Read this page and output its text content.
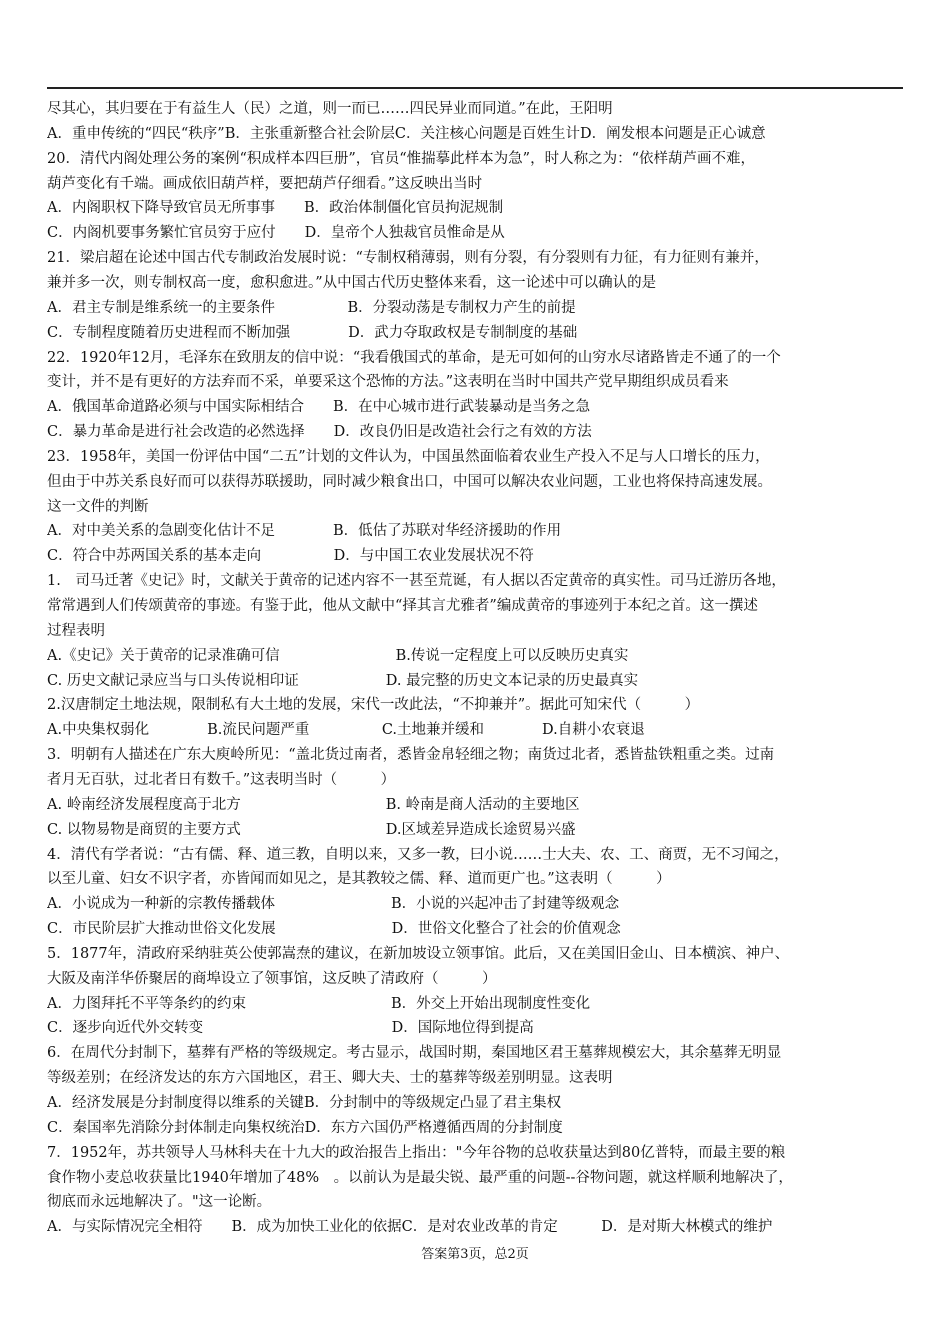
尽其心，其归要在于有益生人（民）之道，则一而已……四民异业而同道。”在此，王阳明
A．重申传统的“四民“秩序”B．主张重新整合社会阶层C．关注核心问题是百姓生计D．阐发根本问题是正心诚意
20．清代内阁处理公务的案例“积成样本四巨册”，官员“惟揣摹此样本为急”，时人称之为：“依样葫芦画不难，
葫芦变化有千端。画成依旧葫芦样，要把葫芦仔细看。”这反映出当时
A．内阁职权下降导致官员无所事事　　B．政治体制僵化官员拘泥规制
C．内阁机要事务繁忙官员穷于应付　　D．皇帝个人独裁官员惟命是从
21．梁启超在论述中国古代专制政治发展时说：“专制权稍薄弱，则有分裂，有分裂则有力征，有力征则有兼并，
兼并多一次，则专制权高一度，愈积愈进。”从中国古代历史整体来看，这一论述中可以确认的是
A．君主专制是维系统一的主要条件　　　　　B．分裂动荡是专制权力产生的前提
C．专制程度随着历史进程而不断加强　　　　D．武力夺取政权是专制制度的基础
22．1920年12月，毛泽东在致朋友的信中说：“我看俄国式的革命，是无可如何的山穷水尽诸路皆走不通了的一个
变计，并不是有更好的方法弃而不采，单要采这个恐怖的方法。”这表明在当时中国共产党早期组织成员看来
A．俄国革命道路必须与中国实际相结合　　B．在中心城市进行武装暴动是当务之急
C．暴力革命是进行社会改造的必然选择　　D．改良仍旧是改造社会行之有效的方法
23．1958年，美国一份评估中国“二五”计划的文件认为，中国虽然面临着农业生产投入不足与人口增长的压力，
但由于中苏关系良好而可以获得苏联援助，同时减少粮食出口，中国可以解决农业问题，工业也将保持高速发展。
这一文件的判断
A．对中美关系的急剧变化估计不足　　　　B．低估了苏联对华经济援助的作用
C．符合中苏两国关系的基本走向　　　　　D．与中国工农业发展状况不符
1.　司马迁著《史记》时，文献关于黄帝的记述内容不一甚至荒诞，有人据以否定黄帝的真实性。司马迁游历各地，
常常遇到人们传颂黄帝的事迹。有鉴于此，他从文献中“择其言尤雅者”编成黄帝的事迹列于本纪之首。这一撰述
过程表明
A.《史记》关于黄帝的记录准确可信　　　　　　　　B.传说一定程度上可以反映历史真实
C. 历史文献记录应当与口头传说相印证　　　　　　D. 最完整的历史文本记录的历史最真实
2.汉唐制定土地法规，限制私有大土地的发展，宋代一改此法，“不抑兼并”。据此可知宋代（　　　）
A.中央集权弱化　　　　B.流民问题严重　　　　　C.土地兼并缓和　　　　D.自耕小农衰退
3．明朝有人描述在广东大庾岭所见：“盖北货过南者，悉皆金帛轻细之物；南货过北者，悉皆盐铁粗重之类。过南
者月无百驮，过北者日有数千。”这表明当时（　　　）
A. 岭南经济发展程度高于北方　　　　　　　　　　B. 岭南是商人活动的主要地区
C. 以物易物是商贸的主要方式　　　　　　　　　　D.区域差异造成长途贸易兴盛
4．清代有学者说：“古有儒、释、道三教，自明以来，又多一教，曰小说……士大夫、农、工、商贾，无不习闻之，
以至儿童、妇女不识字者，亦皆闻而如见之，是其教较之儒、释、道而更广也。”这表明（　　　）
A．小说成为一种新的宗教传播载体　　　　　　　　B．小说的兴起冲击了封建等级观念
C．市民阶层扩大推动世俗文化发展　　　　　　　　D．世俗文化整合了社会的价值观念
5．1877年，清政府采纳驻英公使郭嵩焘的建议，在新加坡设立领事馆。此后，又在美国旧金山、日本横滨、神户、
大阪及南洋华侨聚居的商埠设立了领事馆，这反映了清政府（　　　）
A．力图拜托不平等条约的约束　　　　　　　　　　B．外交上开始出现制度性变化
C．逐步向近代外交转变　　　　　　　　　　　　　D．国际地位得到提高
6．在周代分封制下，墓葬有严格的等级规定。考古显示，战国时期，秦国地区君王墓葬规模宏大，其余墓葬无明显
等级差别；在经济发达的东方六国地区，君王、卿大夫、士的墓葬等级差别明显。这表明
A．经济发展是分封制度得以维系的关键B．分封制中的等级规定凸显了君主集权
C．秦国率先消除分封体制走向集权统治D．东方六国仍严格遵循西周的分封制度
7．1952年，苏共领导人马林科夫在十九大的政治报告上指出："今年谷物的总收获量达到80亿普特，而最主要的粮
食作物小麦总收获量比1940年增加了48%　。以前认为是最尖锐、最严重的问题--谷物问题，就这样顺利地解决了，
彻底而永远地解决了。"这一论断。
A．与实际情况完全相符　　B．成为加快工业化的依据C．是对农业改革的肯定　　　D．是对斯大林模式的维护
答案第3页，总2页
